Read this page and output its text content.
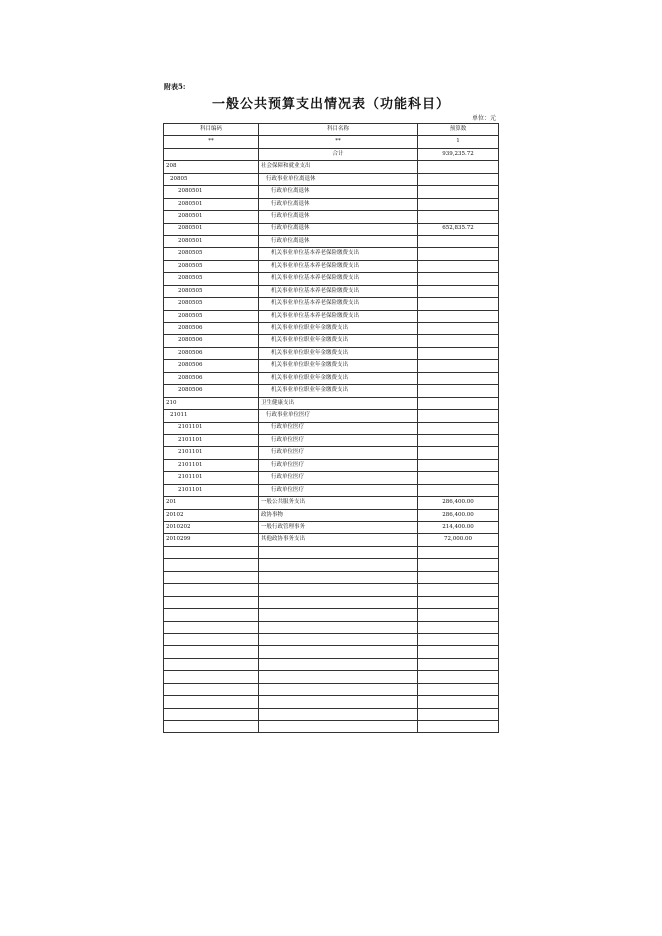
附表5:
一般公共预算支出情况表（功能科目）
单位：元
科目编码	科目名称	预算数
**	**	1
	合计	939,235.72
208	社会保障和就业支出	
20805	行政事业单位离退休	
2080501	行政单位离退休	
2080501	行政单位离退休	
2080501	行政单位离退休	
2080501	行政单位离退休	652,835.72
2080501	行政单位离退休	
2080505	机关事业单位基本养老保险缴费支出	
2080505	机关事业单位基本养老保险缴费支出	
2080505	机关事业单位基本养老保险缴费支出	
2080505	机关事业单位基本养老保险缴费支出	
2080505	机关事业单位基本养老保险缴费支出	
2080505	机关事业单位基本养老保险缴费支出	
2080506	机关事业单位职业年金缴费支出	
2080506	机关事业单位职业年金缴费支出	
2080506	机关事业单位职业年金缴费支出	
2080506	机关事业单位职业年金缴费支出	
2080506	机关事业单位职业年金缴费支出	
2080506	机关事业单位职业年金缴费支出	
210	卫生健康支出	
21011	行政事业单位医疗	
2101101	行政单位医疗	
2101101	行政单位医疗	
2101101	行政单位医疗	
2101101	行政单位医疗	
2101101	行政单位医疗	
2101101	行政单位医疗	
201	一般公共服务支出	286,400.00
20102	政协事物	286,400.00
2010202	一般行政管理事务	214,400.00
2010299	其他政协事务支出	72,000.00
